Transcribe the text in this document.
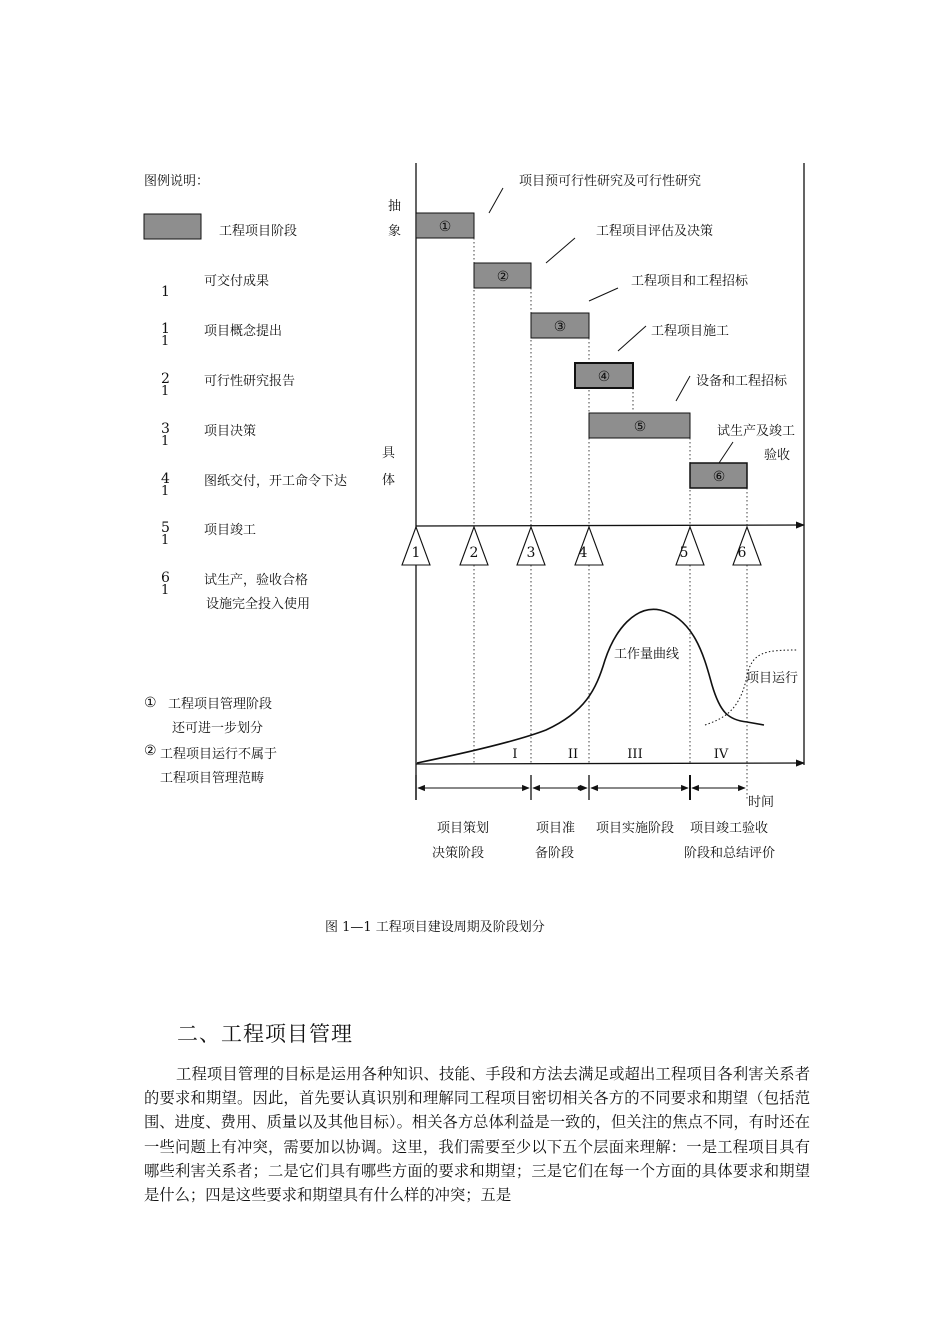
图例说明：
工程项目阶段
1
可交付成果
1
1
项目概念提出
2
1
可行性研究报告
3
1
项目决策
4
1
图纸交付，开工命令下达
5
1
项目竣工
6
1
试生产，验收合格
设施完全投入使用
① 工程项目管理阶段
还可进一步划分
② 工程项目运行不属于
工程项目管理范畴
抽
象
具
体
①
②
③
④
⑤
⑥
项目预可行性研究及可行性研究
工程项目评估及决策
工程项目和工程招标
工程项目施工
设备和工程招标
试生产及竣工
验收
1	2	3	4	5	6
工作量曲线
项目运行
I	II	III	IV
时间
项目策划
决策阶段
项目准
备阶段
项目实施阶段 项目竣工验收
阶段和总结评价
图 1—1 工程项目建设周期及阶段划分
二、工程项目管理

工程项目管理的目标是运用各种知识、技能、手段和方法去满足或超出工程项目各利害关系者的要求和期望。因此，首先要认真识别和理解同工程项目密切相关各方的不同要求和期望（包括范围、进度、费用、质量以及其他目标）。相关各方总体利益是一致的，但关注的焦点不同，有时还在一些问题上有冲突，需要加以协调。这里，我们需要至少以下五个层面来理解：一是工程项目具有哪些利害关系者；二是它们具有哪些方面的要求和期望；三是它们在每一个方面的具体要求和期望是什么；四是这些要求和期望具有什么样的冲突；五是
